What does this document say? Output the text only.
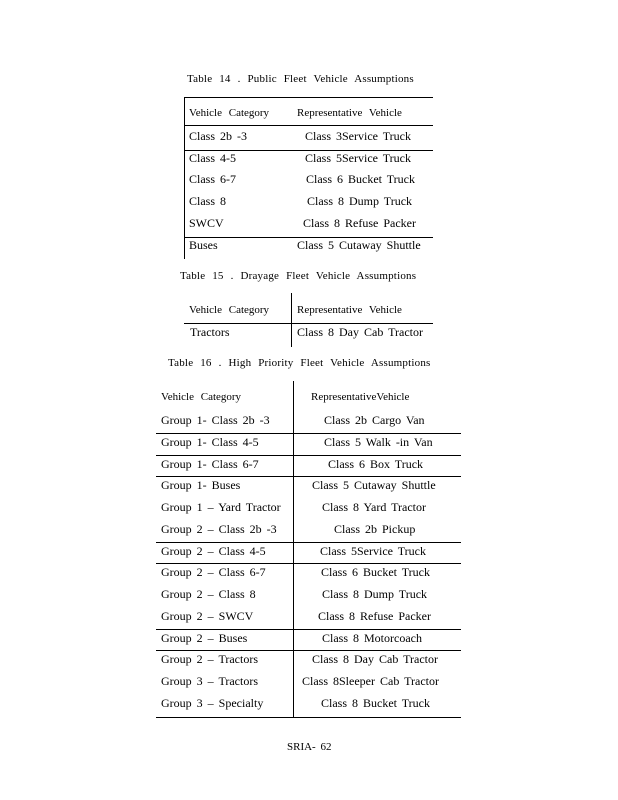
Table 14 . Public Fleet Vehicle Assumptions
Vehicle Category	Representative Vehicle
Class 2b -3	Class 3Service Truck
Class 4-5	Class 5Service Truck
Class 6-7	Class 6 Bucket Truck
Class 8	Class 8 Dump Truck
SWCV	Class 8 Refuse Packer
Buses	Class 5 Cutaway Shuttle
Table 15 . Drayage Fleet Vehicle Assumptions
Vehicle Category	Representative Vehicle
Tractors	Class 8 Day Cab Tractor
Table 16 . High Priority Fleet Vehicle Assumptions
Vehicle Category	RepresentativeVehicle
Group 1- Class 2b -3	Class 2b Cargo Van
Group 1- Class 4-5	Class 5 Walk -in Van
Group 1- Class 6-7	Class 6 Box Truck
Group 1- Buses	Class 5 Cutaway Shuttle
Group 1 – Yard Tractor	Class 8 Yard Tractor
Group 2 – Class 2b -3	Class 2b Pickup
Group 2 – Class 4-5	Class 5Service Truck
Group 2 – Class 6-7	Class 6 Bucket Truck
Group 2 – Class 8	Class 8 Dump Truck
Group 2 – SWCV	Class 8 Refuse Packer
Group 2 – Buses	Class 8 Motorcoach
Group 2 – Tractors	Class 8 Day Cab Tractor
Group 3 – Tractors	Class 8Sleeper Cab Tractor
Group 3 – Specialty	Class 8 Bucket Truck
SRIA- 62
